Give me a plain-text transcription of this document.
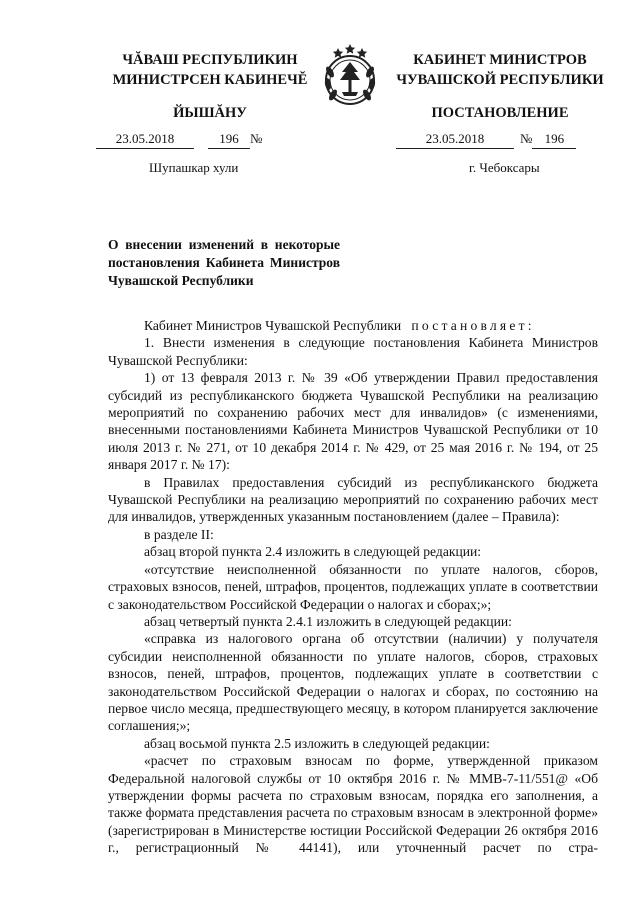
ЧĂВАШ РЕСПУБЛИКИН
МИНИСТРСЕН КАБИНЕЧĔ
ЙЫШĂНУ
КАБИНЕТ МИНИСТРОВ
ЧУВАШСКОЙ РЕСПУБЛИКИ
ПОСТАНОВЛЕНИЕ
23.05.2018	196 №	23.05.2018	№ 196
Шупашкар хули	г. Чебоксары
О внесении изменений в некоторые постановления Кабинета Министров Чувашской Республики

Кабинет Министров Чувашской Республики постановляет:

1. Внести изменения в следующие постановления Кабинета Министров Чувашской Республики:

1) от 13 февраля 2013 г. № 39 «Об утверждении Правил предоставления субсидий из республиканского бюджета Чувашской Республики на реализацию мероприятий по сохранению рабочих мест для инвалидов» (с изменениями, внесенными постановлениями Кабинета Министров Чувашской Республики от 10 июля 2013 г. № 271, от 10 декабря 2014 г. № 429, от 25 мая 2016 г. № 194, от 25 января 2017 г. № 17):

в Правилах предоставления субсидий из республиканского бюджета Чувашской Республики на реализацию мероприятий по сохранению рабочих мест для инвалидов, утвержденных указанным постановлением (далее – Правила):

в разделе II:

абзац второй пункта 2.4 изложить в следующей редакции:

«отсутствие неисполненной обязанности по уплате налогов, сборов, страховых взносов, пеней, штрафов, процентов, подлежащих уплате в соответствии с законодательством Российской Федерации о налогах и сборах;»;

абзац четвертый пункта 2.4.1 изложить в следующей редакции:

«справка из налогового органа об отсутствии (наличии) у получателя субсидии неисполненной обязанности по уплате налогов, сборов, страховых взносов, пеней, штрафов, процентов, подлежащих уплате в соответствии с законодательством Российской Федерации о налогах и сборах, по состоянию на первое число месяца, предшествующего месяцу, в котором планируется заключение соглашения;»;

абзац восьмой пункта 2.5 изложить в следующей редакции:

«расчет по страховым взносам по форме, утвержденной приказом Федеральной налоговой службы от 10 октября 2016 г. № ММВ-7-11/551@ «Об утверждении формы расчета по страховым взносам, порядка его заполнения, а также формата представления расчета по страховым взносам в электронной форме» (зарегистрирован в Министерстве юстиции Российской Федерации 26 октября 2016 г., регистрационный № 44141), или уточненный расчет по стра-
